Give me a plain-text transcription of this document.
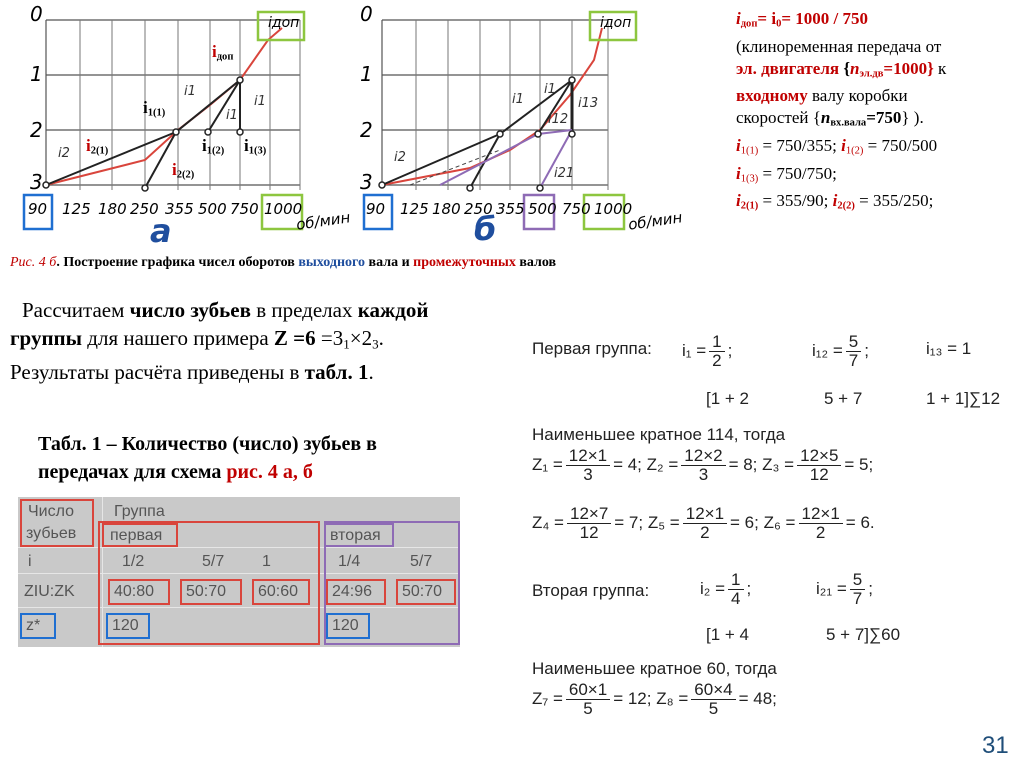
0
1
2
3
iдоп
90 125 180 250 355 500 750 1000
об/мин
а
$i_{доп}$
$i_{1(1)}$
$i_{2(1)}$	$i_{1(2)}$ $i_{1(3)}$
$i_{2(2)}$
i1
i1
i1
i2
0
1
2
3
iдоп
90 125 180 250 355 500 750 1000
об/мин
б
i1
i12
i13
i1
i2
i21
$i_{доп}= i_0= 1000 / 750$
(клиноременная передача от
эл. двигателя $\{n_{эл.дв}=1000\}$ к
входному валу коробки
скоростей $\{n_{вх.вала}=750\}$ ).
$i_{1(1)} = 750/355$; $i_{1(2)} = 750/500$
$i_{1(3)} = 750/750$;
$i_{2(1)} = 355/90$; $i_{2(2)} = 355/250$;
Рис. 4 б. Построение графика чисел оборотов выходного вала и промежуточных валов
Рассчитаем число зубьев в пределах каждой
группы для нашего примера $Z =6 =3_1\times 2_3$.
Результаты расчёта приведены в табл. 1.
Табл. 1 – Количество (число) зубьев в
передачах для схема рис. 4 а, б
Число
зубьев
Группа
первая	вторая
i	1/2	5/7 1	1/4	5/7
ZIU:ZK 40:80 50:70 60:60 24:96 50:70
z*	120	120
Первая группа: $i_1 = \frac{1}{2}$ ;	$i_{12} = \frac{5}{7}$ ;	i₁₃ = 1
[1 + 2	5 + 7	1 + 1]∑12
Наименьшее кратное 114, тогда
$Z_1 = \frac{12\times 1}{3} = 4$; $Z_2 = \frac{12\times 2}{3} = 8$; $Z_3 = \frac{12\times 5}{12} = 5$;
$Z_4 = \frac{12\times 7}{12} = 7$; $Z_5 = \frac{12\times 1}{2} = 6$; $Z_6 = \frac{12\times 1}{2} = 6$.
Вторая группа:	$i_2 = \frac{1}{4}$ ;	$i_{21} = \frac{5}{7}$ ;
[1 + 4	5 + 7]∑60
Наименьшее кратное 60, тогда
$Z_7 = \frac{60\times 1}{5} = 12$; $Z_8 = \frac{60\times 4}{5} = 48$;
31
